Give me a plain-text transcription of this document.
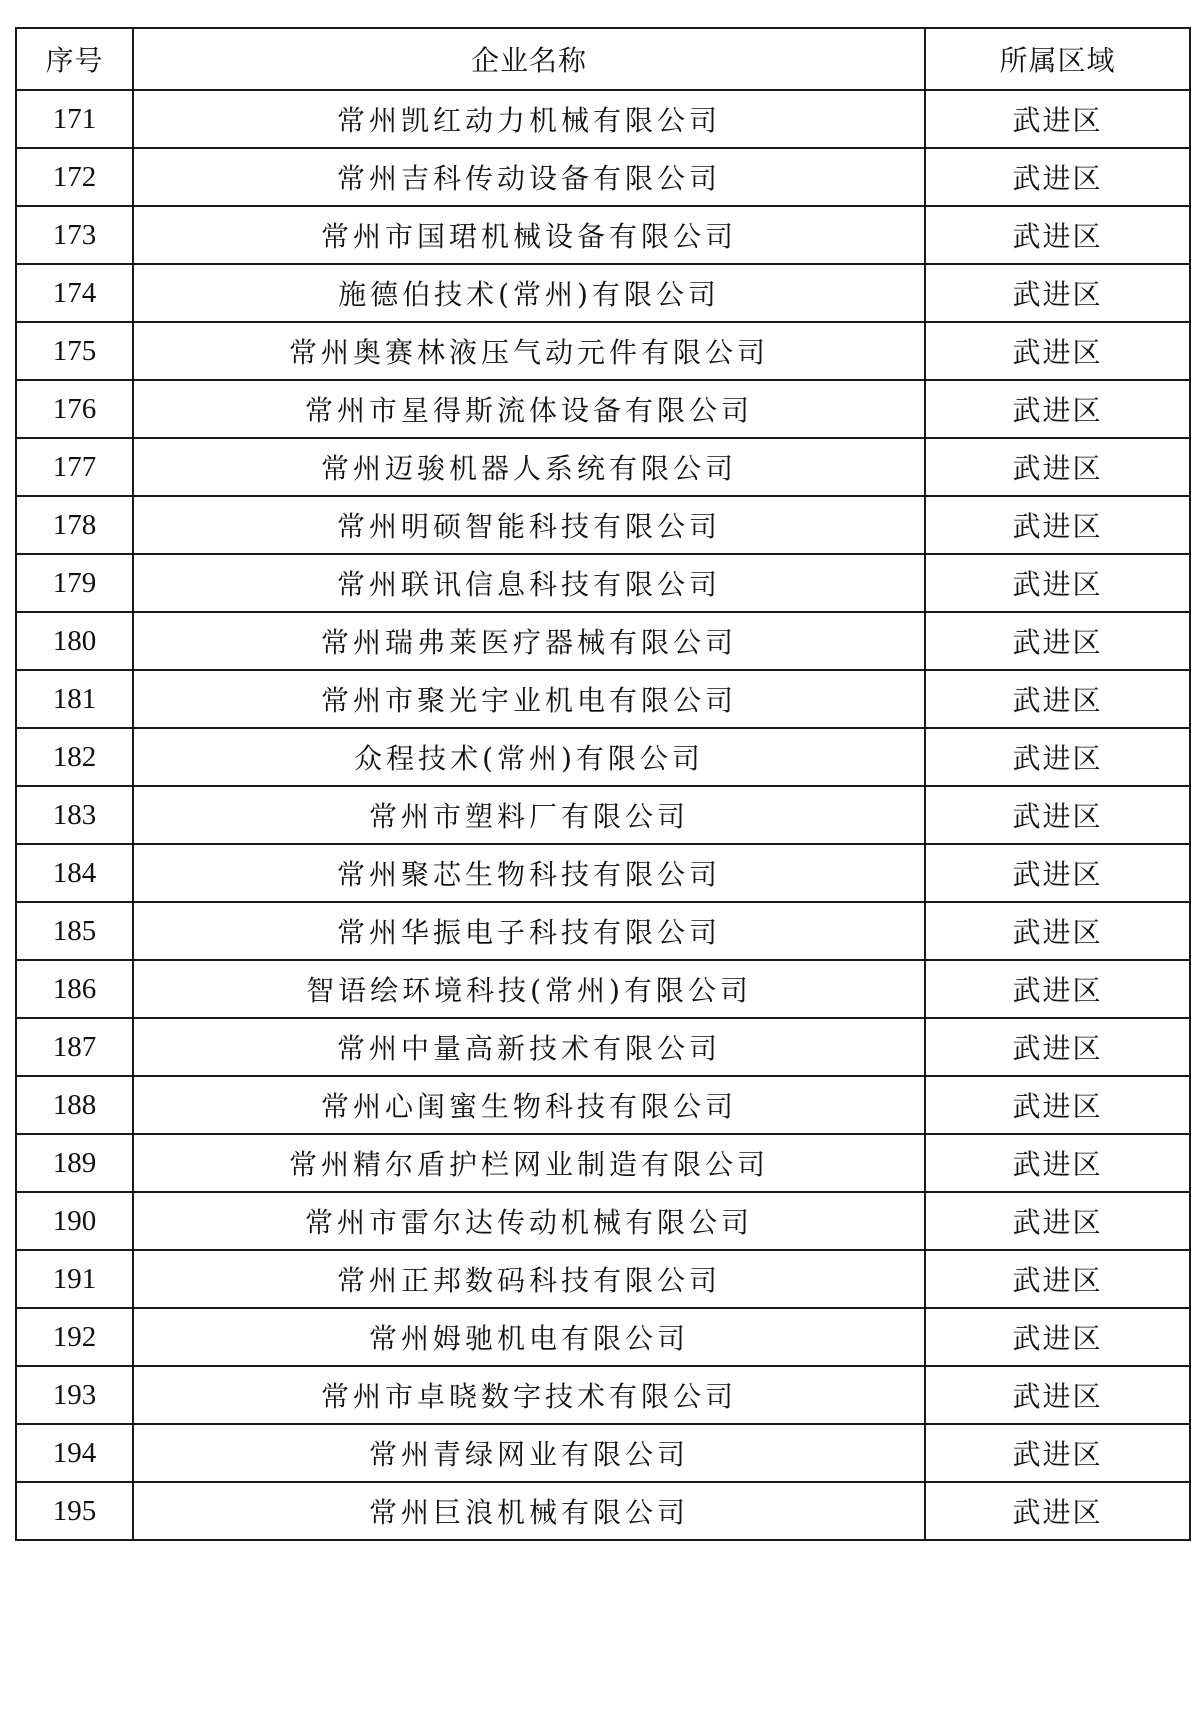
序号	企业名称	所属区域
171	常州凯红动力机械有限公司	武进区
172	常州吉科传动设备有限公司	武进区
173	常州市国珺机械设备有限公司	武进区
174	施德伯技术(常州)有限公司	武进区
175	常州奥赛林液压气动元件有限公司	武进区
176	常州市星得斯流体设备有限公司	武进区
177	常州迈骏机器人系统有限公司	武进区
178	常州明硕智能科技有限公司	武进区
179	常州联讯信息科技有限公司	武进区
180	常州瑞弗莱医疗器械有限公司	武进区
181	常州市聚光宇业机电有限公司	武进区
182	众程技术(常州)有限公司	武进区
183	常州市塑料厂有限公司	武进区
184	常州聚芯生物科技有限公司	武进区
185	常州华振电子科技有限公司	武进区
186	智语绘环境科技(常州)有限公司	武进区
187	常州中量高新技术有限公司	武进区
188	常州心闺蜜生物科技有限公司	武进区
189	常州精尔盾护栏网业制造有限公司	武进区
190	常州市雷尔达传动机械有限公司	武进区
191	常州正邦数码科技有限公司	武进区
192	常州姆驰机电有限公司	武进区
193	常州市卓晓数字技术有限公司	武进区
194	常州青绿网业有限公司	武进区
195	常州巨浪机械有限公司	武进区
